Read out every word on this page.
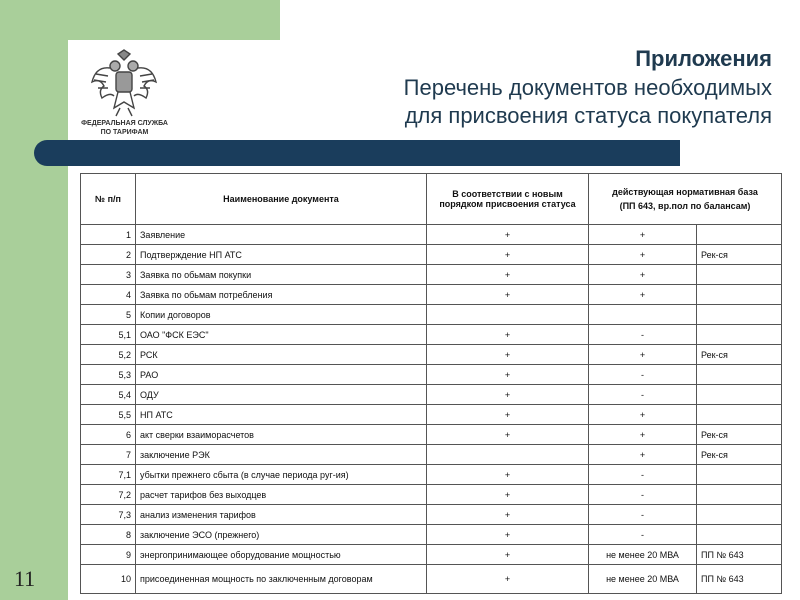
ФЕДЕРАЛЬНАЯ СЛУЖБА
ПО ТАРИФАМ
Приложения
Перечень документов необходимых
для присвоения статуса покупателя
№ п/п	Наименование документа	В соответствии с новым порядком присвоения статуса	действующая нормативная база
(ПП 643, вр.пол по балансам)	

1	Заявление	+	+	
2	Подтверждение НП АТС	+	+	Рек-ся
3	Заявка по обьмам покупки	+	+	
4	Заявка по обьмам потребления	+	+	
5	Копии договоров			
5,1	ОАО "ФСК ЕЭС"	+	-	
5,2	РСК	+	+	Рек-ся
5,3	РАО	+	-	
5,4	ОДУ	+	-	
5,5	НП АТС	+	+	
6	акт сверки взаиморасчетов	+	+	Рек-ся
7	заключение РЭК		+	Рек-ся
7,1	убытки прежнего сбыта (в случае периода руг-ия)	+	-	
7,2	расчет тарифов без выходцев	+	-	
7,3	анализ изменения тарифов	+	-	
8	заключение ЭСО (прежнего)	+	-	
9	энергопринимающее оборудование мощностью	+	не менее 20 МВА	ПП № 643
10	присоединенная мощность по заключенным договорам	+	не менее 20 МВА	ПП № 643
11
